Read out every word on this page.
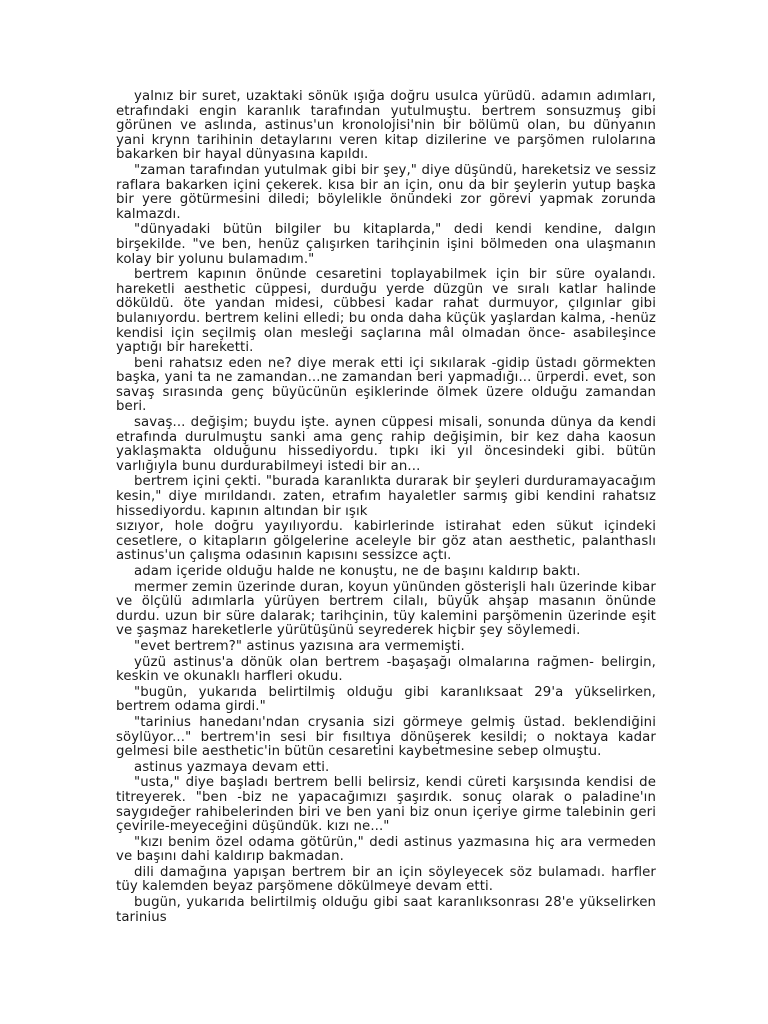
yalnız bir suret, uzaktaki sönük ışığa doğru usulca yürüdü. adamın adımları, etrafındaki engin karanlık tarafından yutulmuştu. bertrem sonsuzmuş gibi görünen ve aslında, astinus'un kronolojisi'nin bir bölümü olan, bu dünyanın yani krynn tarihinin detaylarını veren kitap dizilerine ve parşömen rulolarına bakarken bir hayal dünyasına kapıldı.

"zaman tarafından yutulmak gibi bir şey," diye düşündü, hareketsiz ve sessiz raflara bakarken içini çekerek. kısa bir an için, onu da bir şeylerin yutup başka bir yere götürmesini diledi; böylelikle önündeki zor görevi yapmak zorunda kalmazdı.

"dünyadaki bütün bilgiler bu kitaplarda," dedi kendi kendine, dalgın birşekilde. "ve ben, henüz çalışırken tarihçinin işini bölmeden ona ulaşmanın kolay bir yolunu bulamadım."

bertrem kapının önünde cesaretini toplayabilmek için bir süre oyalandı. hareketli aesthetic cüppesi, durduğu yerde düzgün ve sıralı katlar halinde döküldü. öte yandan midesi, cübbesi kadar rahat durmuyor, çılgınlar gibi bulanıyordu. bertrem kelini elledi; bu onda daha küçük yaşlardan kalma, -henüz kendisi için seçilmiş olan mesleği saçlarına mâl olmadan önce- asabileşince yaptığı bir hareketti.

beni rahatsız eden ne? diye merak etti içi sıkılarak -gidip üstadı görmekten başka, yani ta ne zamandan...ne zamandan beri yapmadığı... ürperdi. evet, son savaş sırasında genç büyücünün eşiklerinde ölmek üzere olduğu zamandan beri.

savaş... değişim; buydu işte. aynen cüppesi misali, sonunda dünya da kendi etrafında durulmuştu sanki ama genç rahip değişimin, bir kez daha kaosun yaklaşmakta olduğunu hissediyordu. tıpkı iki yıl öncesindeki gibi. bütün varlığıyla bunu durdurabilmeyi istedi bir an...

bertrem içini çekti. "burada karanlıkta durarak bir şeyleri durduramayacağım kesin," diye mırıldandı. zaten, etrafım hayaletler sarmış gibi kendini rahatsız hissediyordu. kapının altından bir ışık

sızıyor, hole doğru yayılıyordu. kabirlerinde istirahat eden sükut içindeki cesetlere, o kitapların gölgelerine aceleyle bir göz atan aesthetic, palanthaslı astinus'un çalışma odasının kapısını sessizce açtı.

adam içeride olduğu halde ne konuştu, ne de başını kaldırıp baktı.

mermer zemin üzerinde duran, koyun yününden gösterişli halı üzerinde kibar ve ölçülü adımlarla yürüyen bertrem cilalı, büyük ahşap masanın önünde durdu. uzun bir süre dalarak; tarihçinin, tüy kalemini parşömenin üzerinde eşit ve şaşmaz hareketlerle yürütüşünü seyrederek hiçbir şey söylemedi.

"evet bertrem?" astinus yazısına ara vermemişti.

yüzü astinus'a dönük olan bertrem -başaşağı olmalarına rağmen- belirgin, keskin ve okunaklı harfleri okudu.

"bugün, yukarıda belirtilmiş olduğu gibi karanlıksaat 29'a yükselirken, bertrem odama girdi."

"tarinius hanedanı'ndan crysania sizi görmeye gelmiş üstad. beklendiğini söylüyor..." bertrem'in sesi bir fısıltıya dönüşerek kesildi; o noktaya kadar gelmesi bile aesthetic'in bütün cesaretini kaybetmesine sebep olmuştu.

astinus yazmaya devam etti.

"usta," diye başladı bertrem belli belirsiz, kendi cüreti karşısında kendisi de titreyerek. "ben -biz ne yapacağımızı şaşırdık. sonuç olarak o paladine'ın saygıdeğer rahibelerinden biri ve ben yani biz onun içeriye girme talebinin geri çevirile-meyeceğini düşündük. kızı ne..."

"kızı benim özel odama götürün," dedi astinus yazmasına hiç ara vermeden ve başını dahi kaldırıp bakmadan.

dili damağına yapışan bertrem bir an için söyleyecek söz bulamadı. harfler tüy kalemden beyaz parşömene dökülmeye devam etti.

bugün, yukarıda belirtilmiş olduğu gibi saat karanlıksonrası 28'e yükselirken tarinius
